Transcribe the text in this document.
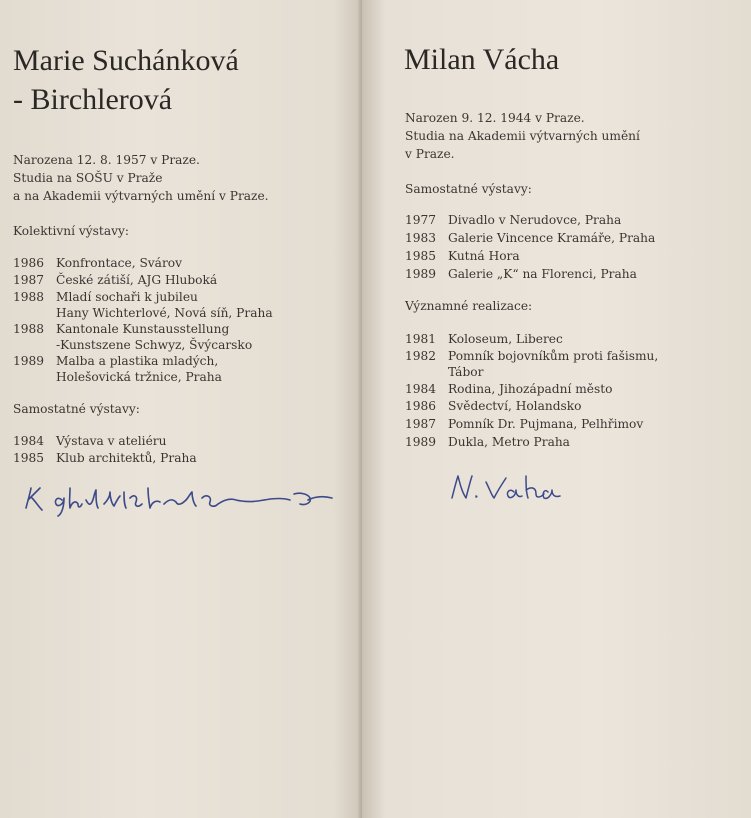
Marie Suchánková
- Birchlerová
Narozena 12. 8. 1957 v Praze.
Studia na SOŠU v Praže
a na Akademii výtvarných umění v Praze.
Kolektivní výstavy:
1986 Konfrontace, Svárov
1987 České zátiší, AJG Hluboká
1988 Mladí sochaři k jubileu
Hany Wichterlové, Nová síň, Praha
1988 Kantonale Kunstausstellung
-Kunstszene Schwyz, Švýcarsko
1989 Malba a plastika mladých,
Holešovická tržnice, Praha
Samostatné výstavy:
1984 Výstava v ateliéru
1985 Klub architektů, Praha
Milan Vácha
Narozen 9. 12. 1944 v Praze.
Studia na Akademii výtvarných umění
v Praze.
Samostatné výstavy:
1977 Divadlo v Nerudovce, Praha
1983 Galerie Vincence Kramáře, Praha
1985 Kutná Hora
1989 Galerie „K“ na Florenci, Praha
Významné realizace:
1981 Koloseum, Liberec
1982 Pomník bojovníkům proti fašismu,
Tábor
1984 Rodina, Jihozápadní město
1986 Svědectví, Holandsko
1987 Pomník Dr. Pujmana, Pelhřimov
1989 Dukla, Metro Praha
